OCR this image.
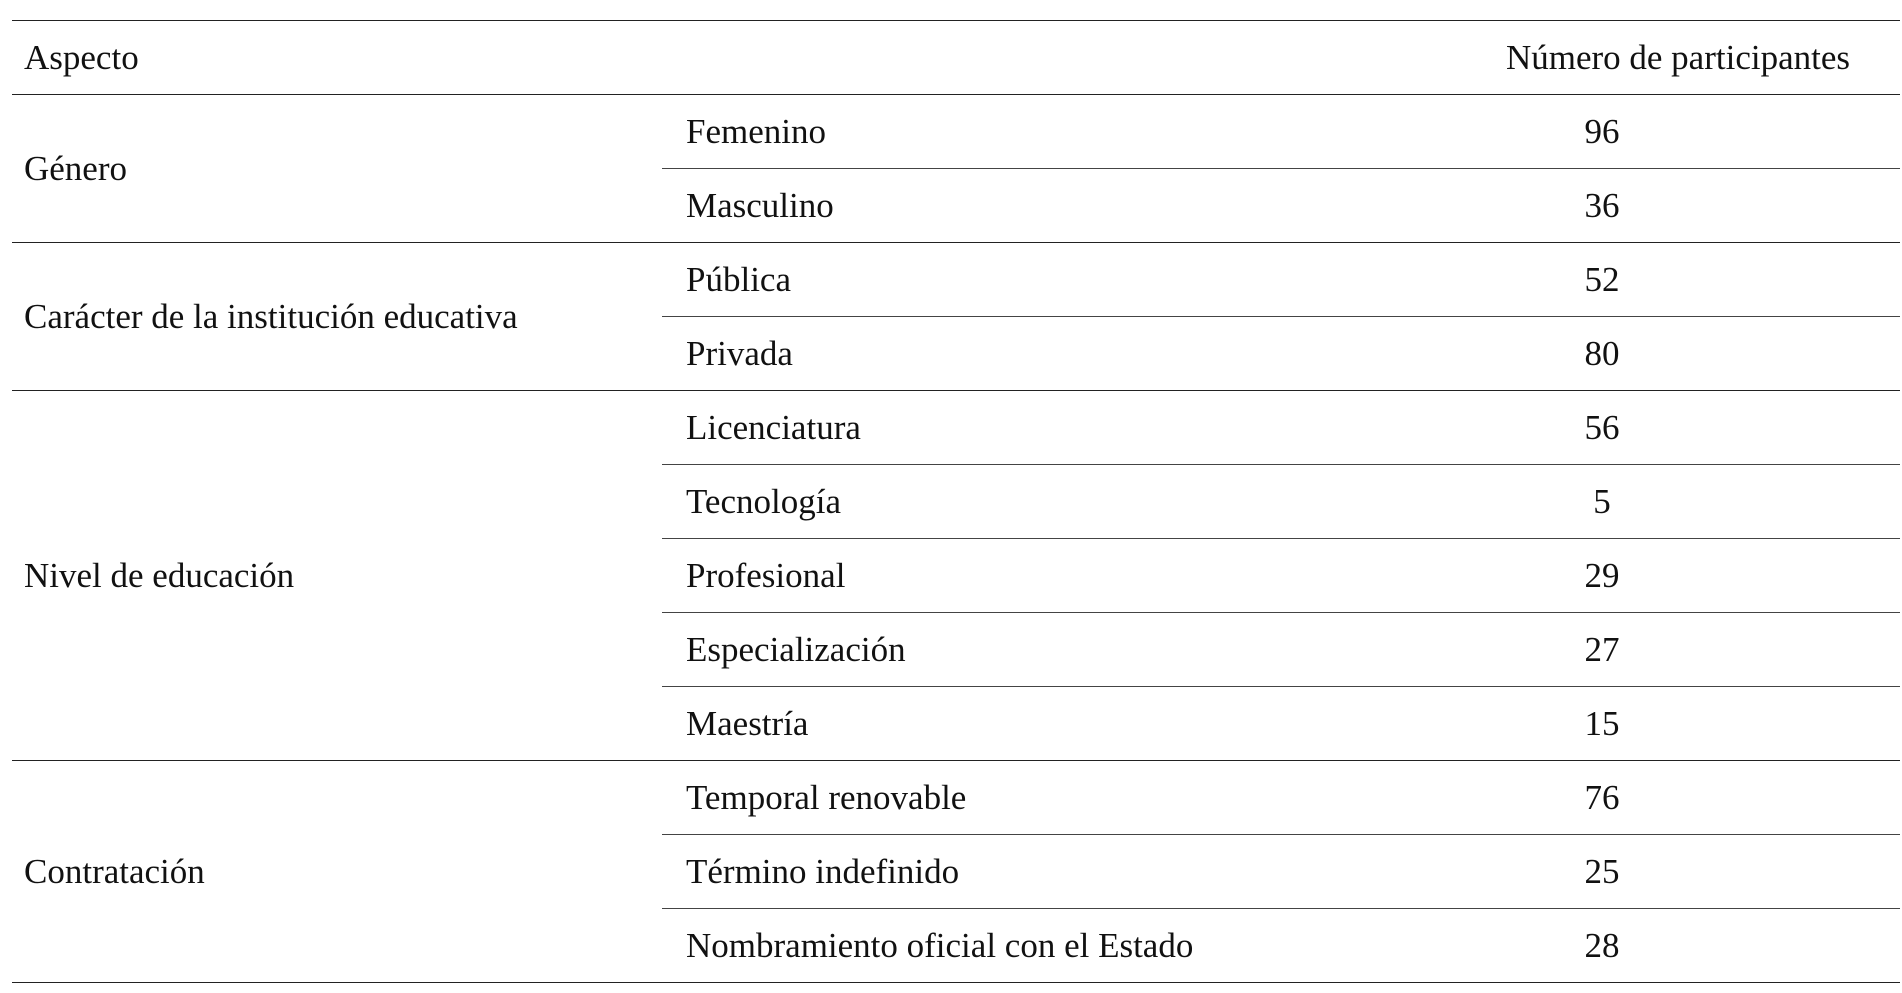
Aspecto		Número de participantes
Género	Femenino	96
	Masculino	36
Carácter de la institución educativa	Pública	52
	Privada	80
Nivel de educación	Licenciatura	56
	Tecnología	5
	Profesional	29
	Especialización	27
	Maestría	15
Contratación	Temporal renovable	76
	Término indefinido	25
	Nombramiento oficial con el Estado	28
